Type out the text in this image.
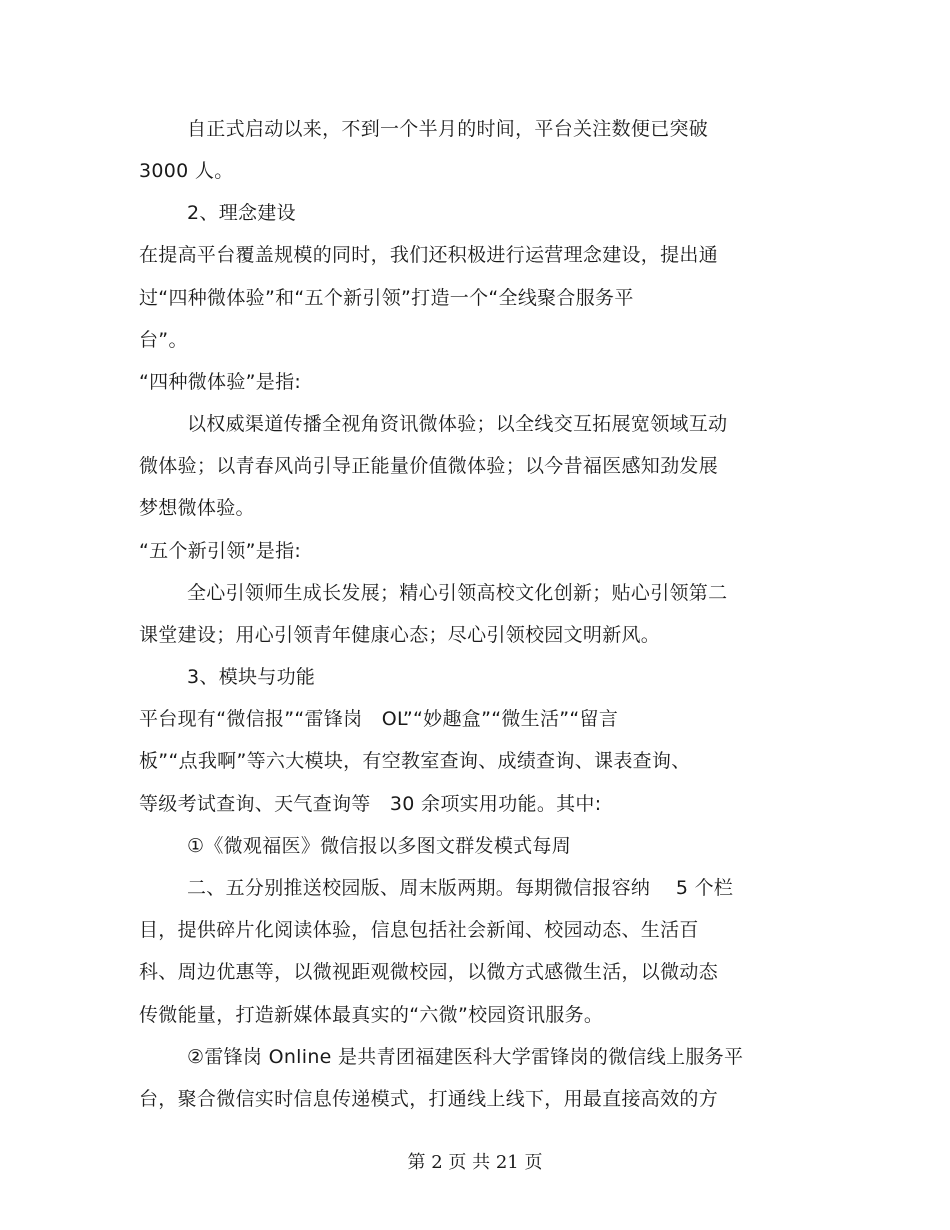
自正式启动以来，不到一个半月的时间，平台关注数便已突破
3000 人。
2、理念建设
在提高平台覆盖规模的同时，我们还积极进行运营理念建设，提出通
过“四种微体验”和“五个新引领”打造一个“全线聚合服务平
台”。
“四种微体验”是指:
以权威渠道传播全视角资讯微体验；以全线交互拓展宽领域互动
微体验；以青春风尚引导正能量价值微体验；以今昔福医感知劲发展
梦想微体验。
“五个新引领”是指:
全心引领师生成长发展；精心引领高校文化创新；贴心引领第二
课堂建设；用心引领青年健康心态；尽心引领校园文明新风。
3、模块与功能
平台现有“微信报”“雷锋岗　OL”“妙趣盒”“微生活”“留言
板”“点我啊”等六大模块，有空教室查询、成绩查询、课表查询、
等级考试查询、天气查询等　30 余项实用功能。其中:
①《微观福医》微信报以多图文群发模式每周
二、五分别推送校园版、周末版两期。每期微信报容纳　 5 个栏
目，提供碎片化阅读体验，信息包括社会新闻、校园动态、生活百
科、周边优惠等，以微视距观微校园，以微方式感微生活，以微动态
传微能量，打造新媒体最真实的“六微”校园资讯服务。
②雷锋岗 Online 是共青团福建医科大学雷锋岗的微信线上服务平
台，聚合微信实时信息传递模式，打通线上线下，用最直接高效的方
第 2 页 共 21 页
